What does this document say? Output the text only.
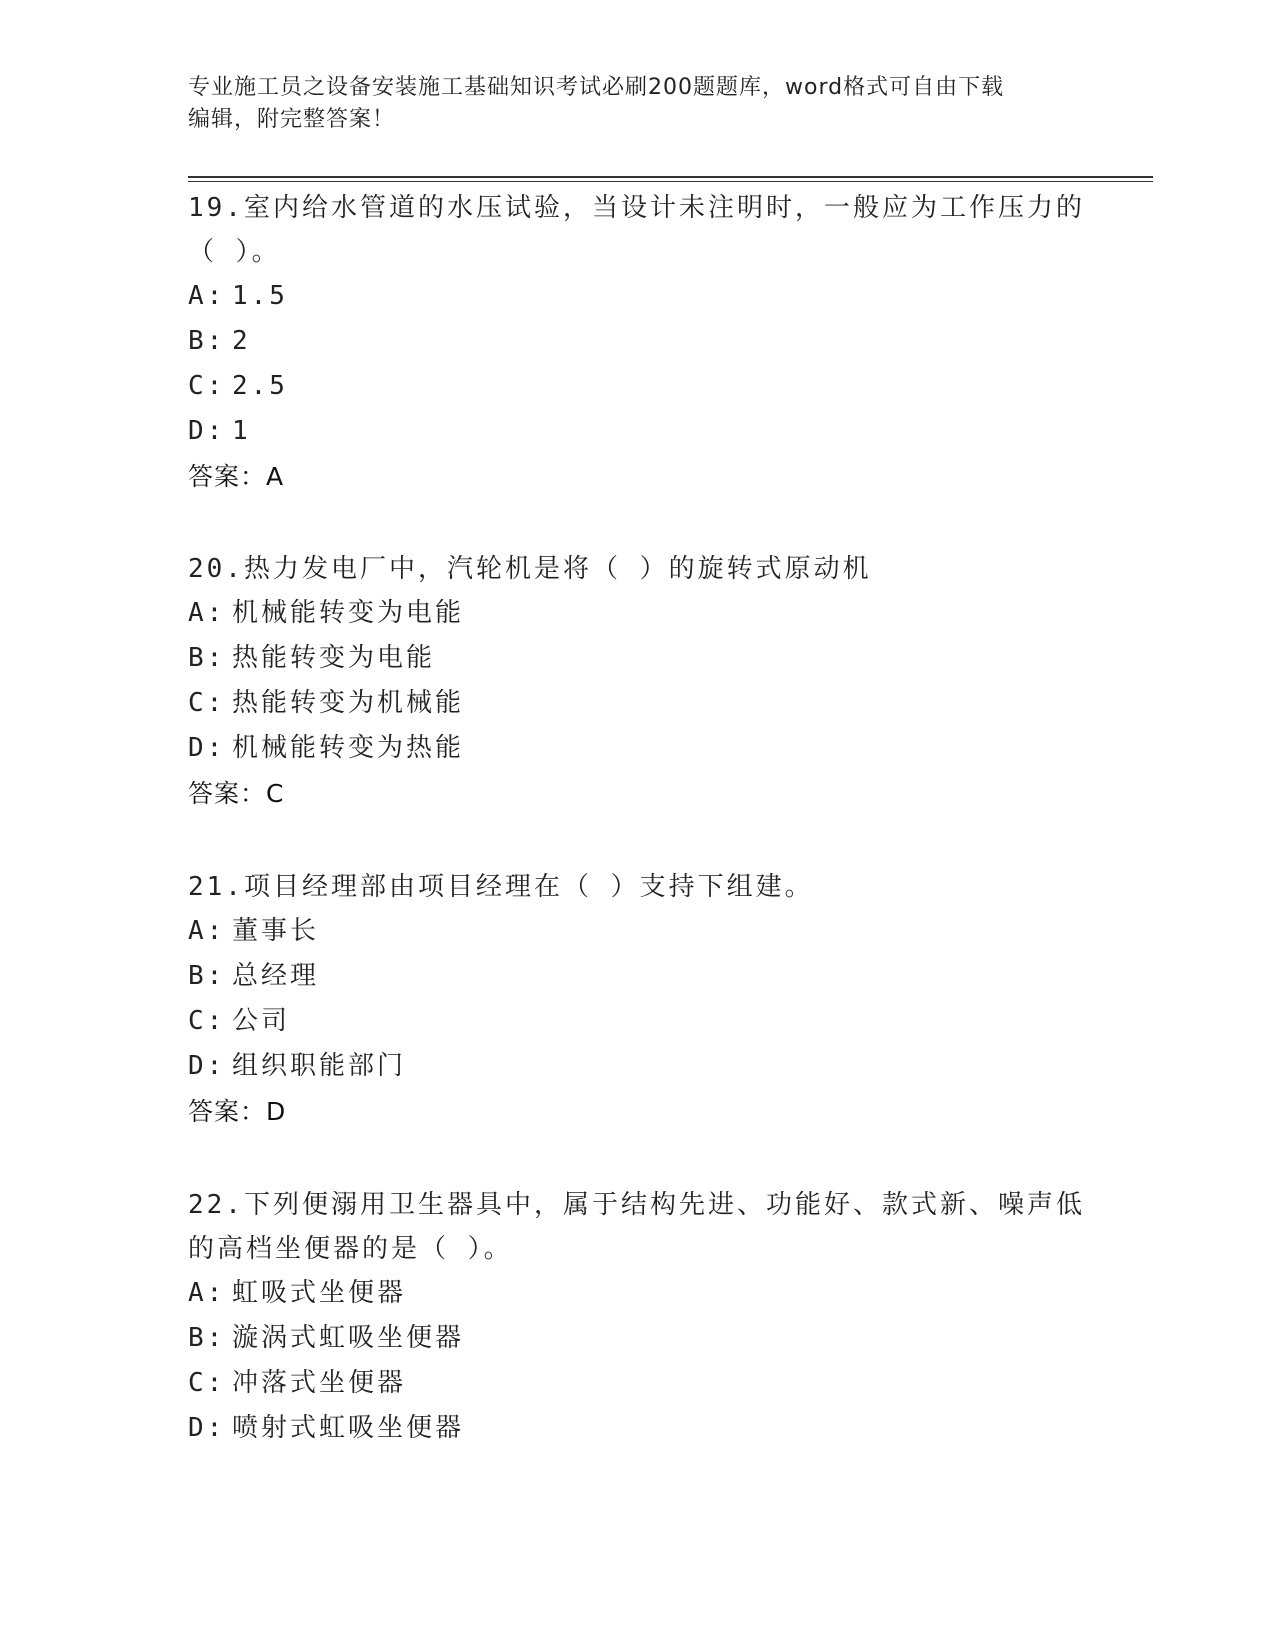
专业施工员之设备安装施工基础知识考试必刷200题题库，word格式可自由下载
编辑，附完整答案！

19.室内给水管道的水压试验，当设计未注明时，一般应为工作压力的
（ ）。

A: 1.5
B: 2
C: 2.5
D: 1
答案：A

20.热力发电厂中，汽轮机是将（ ）的旋转式原动机

A: 机械能转变为电能
B: 热能转变为电能
C: 热能转变为机械能
D: 机械能转变为热能
答案：C

21.项目经理部由项目经理在（ ）支持下组建。

A: 董事长
B: 总经理
C: 公司
D: 组织职能部门
答案：D

22.下列便溺用卫生器具中，属于结构先进、功能好、款式新、噪声低
的高档坐便器的是（ ）。

A: 虹吸式坐便器
B: 漩涡式虹吸坐便器
C: 冲落式坐便器
D: 喷射式虹吸坐便器
